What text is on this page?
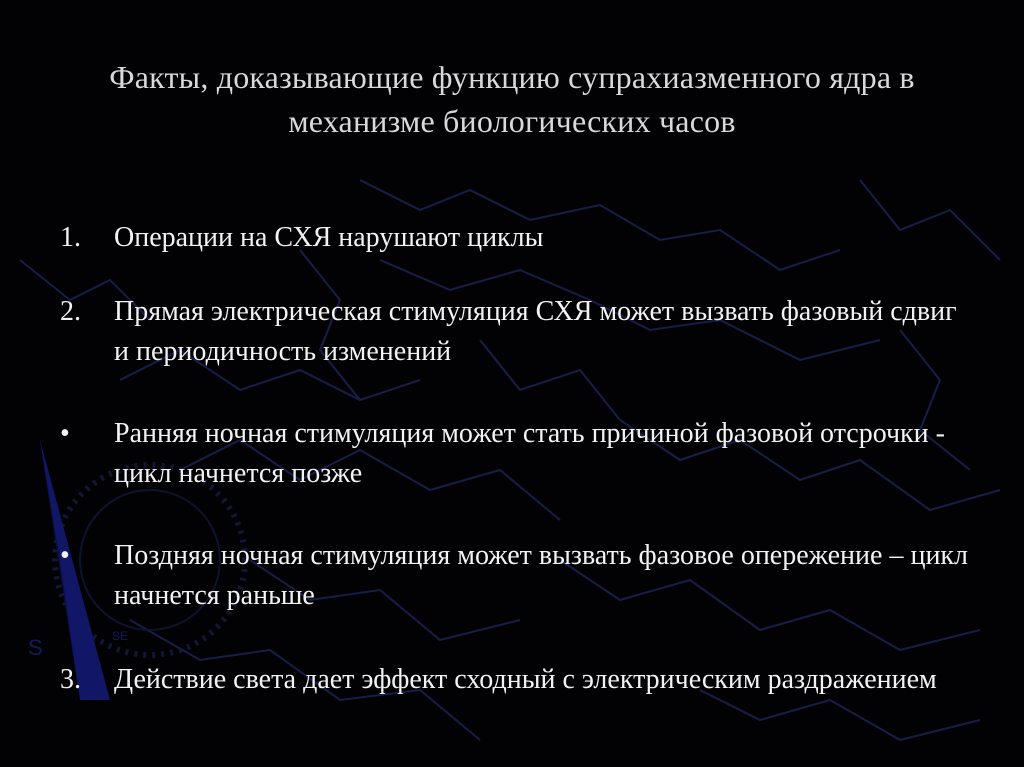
S	SE
Факты, доказывающие функцию супрахиазменного ядра в механизме биологических часов
1.	Операции на СХЯ нарушают циклы
2.	Прямая электрическая стимуляция СХЯ может вызвать фазовый сдвиг и периодичность изменений
•	Ранняя ночная стимуляция может стать причиной фазовой отсрочки - цикл начнется позже
•	Поздняя ночная стимуляция может вызвать фазовое опережение – цикл начнется раньше
3.	Действие света дает эффект сходный с электрическим раздражением
